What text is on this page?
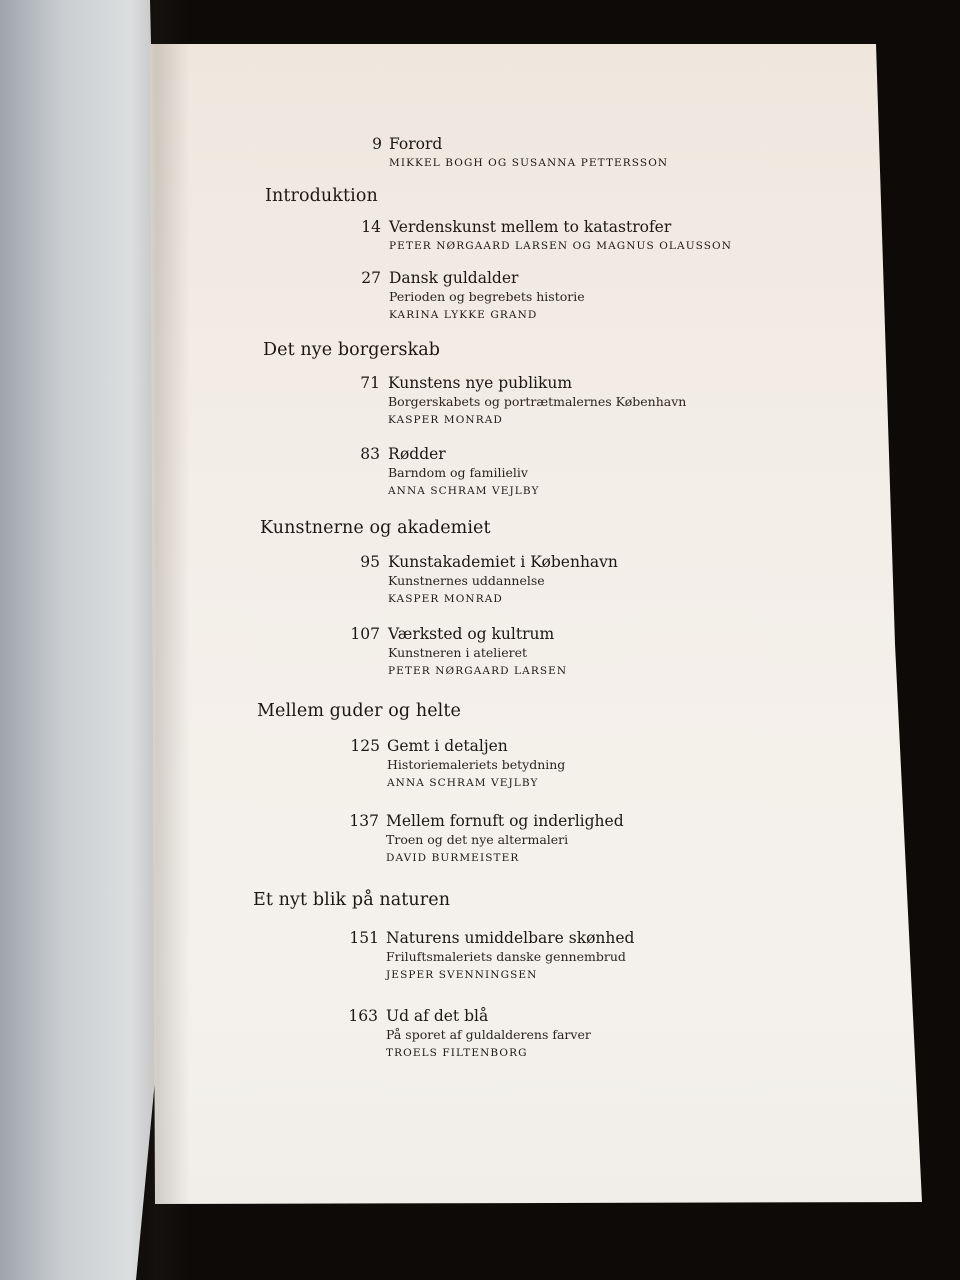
9 Forord
MIKKEL BOGH OG SUSANNA PETTERSSON
Introduktion
14 Verdenskunst mellem to katastrofer
PETER NØRGAARD LARSEN OG MAGNUS OLAUSSON
27 Dansk guldalder
Perioden og begrebets historie
KARINA LYKKE GRAND
Det nye borgerskab
71 Kunstens nye publikum
Borgerskabets og portrætmalernes København
KASPER MONRAD
83 Rødder
Barndom og familieliv
ANNA SCHRAM VEJLBY
Kunstnerne og akademiet
95 Kunstakademiet i København
Kunstnernes uddannelse
KASPER MONRAD
107 Værksted og kultrum
Kunstneren i atelieret
PETER NØRGAARD LARSEN
Mellem guder og helte
125 Gemt i detaljen
Historiemaleriets betydning
ANNA SCHRAM VEJLBY
137 Mellem fornuft og inderlighed
Troen og det nye altermaleri
DAVID BURMEISTER
Et nyt blik på naturen
151 Naturens umiddelbare skønhed
Friluftsmaleriets danske gennembrud
JESPER SVENNINGSEN
163 Ud af det blå
På sporet af guldalderens farver
TROELS FILTENBORG
